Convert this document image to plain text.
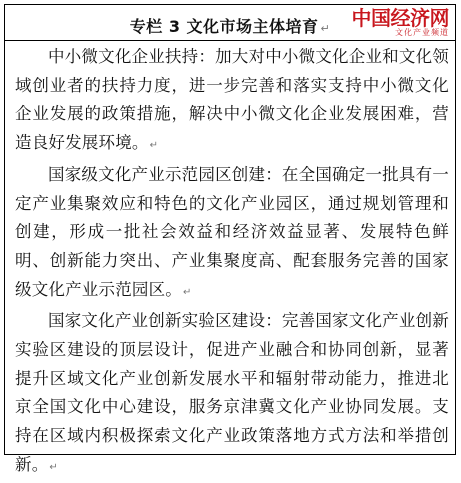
专栏 3 文化市场主体培育 ↵	中国经济网
文化产业频道

中小微文化企业扶持：加大对中小微文化企业和文化领域创业者的扶持力度，进一步完善和落实支持中小微文化企业发展的政策措施，解决中小微文化企业发展困难，营造良好发展环境。↵

国家级文化产业示范园区创建：在全国确定一批具有一定产业集聚效应和特色的文化产业园区，通过规划管理和创建，形成一批社会效益和经济效益显著、发展特色鲜明、创新能力突出、产业集聚度高、配套服务完善的国家级文化产业示范园区。↵

国家文化产业创新实验区建设：完善国家文化产业创新实验区建设的顶层设计，促进产业融合和协同创新，显著提升区域文化产业创新发展水平和辐射带动能力，推进北京全国文化中心建设，服务京津冀文化产业协同发展。支持在区域内积极探索文化产业政策落地方式方法和举措创新。↵
